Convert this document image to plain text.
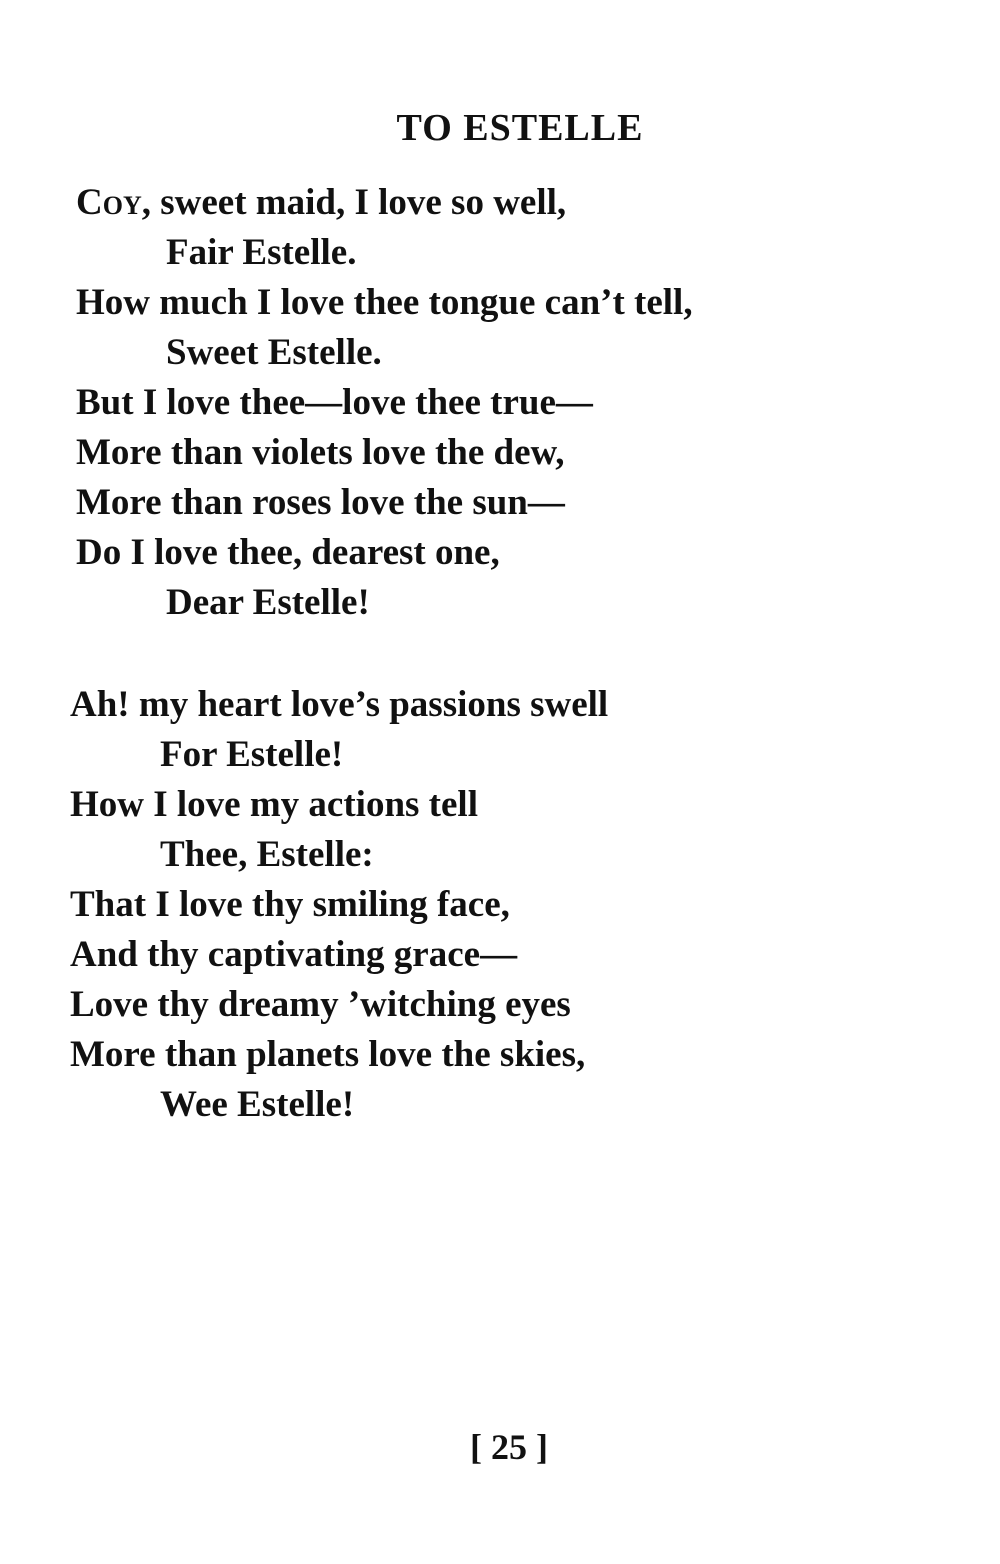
TO ESTELLE
Coy, sweet maid, I love so well,
Fair Estelle.
How much I love thee tongue can’t tell,
Sweet Estelle.
But I love thee—love thee true—
More than violets love the dew,
More than roses love the sun—
Do I love thee, dearest one,
Dear Estelle!
Ah! my heart love’s passions swell
For Estelle!
How I love my actions tell
Thee, Estelle:
That I love thy smiling face,
And thy captivating grace—
Love thy dreamy ’witching eyes
More than planets love the skies,
Wee Estelle!
[ 25 ]
